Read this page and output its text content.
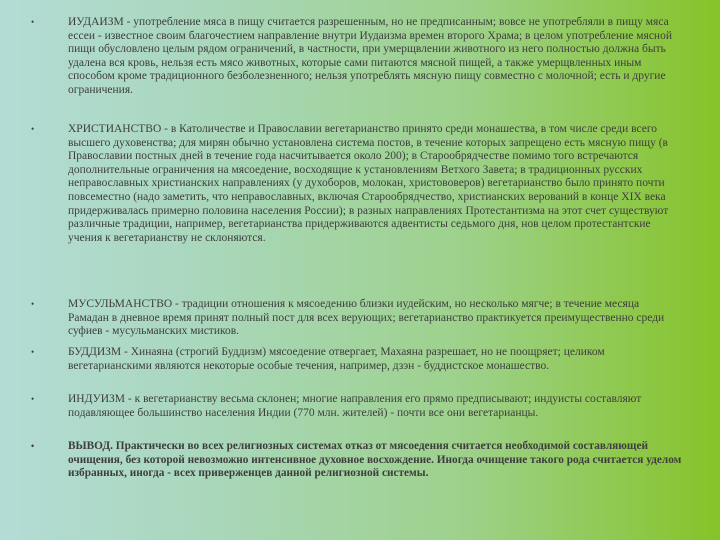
•	ИУДАИЗМ - употребление мяса в пищу считается разрешенным, но не предписанным; вовсе не употребляли в пищу мяса ессеи - известное своим благочестием направление внутри Иудаизма времен второго Храма; в целом употребление мясной пищи обусловлено целым рядом ограничений, в частности, при умерщвлении животного из него полностью должна быть удалена вся кровь, нельзя есть мясо животных, которые сами питаются мясной пищей, а также умерщвленных иным способом кроме традиционного безболезненного; нельзя употреблять мясную пищу совместно с молочной; есть и другие ограничения.
•	ХРИСТИАНСТВО - в Католичестве и Православии вегетарианство принято среди монашества, в том числе среди всего высшего духовенства; для мирян обычно установлена система постов, в течение которых запрещено есть мясную пищу (в Православии постных дней в течение года насчитывается около 200); в Старообрядчестве помимо того встречаются дополнительные ограничения на мясоедение, восходящие к установлениям Ветхого Завета; в традиционных русских неправославных христианских направлениях (у духоборов, молокан, христововеров) вегетарианство было принято почти повсеместно (надо заметить, что неправославных, включая Старообрядчество, христианских верований в конце XIX века придерживалась примерно половина населения России); в разных направлениях Протестантизма на этот счет существуют различные традиции, например, вегетарианства придерживаются адвентисты седьмого дня, нов целом протестантские учения к вегетарианству не склоняются.
•	МУСУЛЬМАНСТВО - традиции отношения к мясоедению близки иудейским, но несколько мягче; в течение месяца Рамадан в дневное время принят полный пост для всех верующих; вегетарианство практикуется преимущественно среди суфиев - мусульманских мистиков.
•	БУДДИЗМ - Хинаяна (строгий Буддизм) мясоедение отвергает, Махаяна разрешает, но не поощряет; целиком вегетарианскими являются некоторые особые течения, например, дзэн - буддистское монашество.
•	ИНДУИЗМ - к вегетарианству весьма склонен; многие направления его прямо предписывают; индуисты составляют подавляющее большинство населения Индии (770 млн. жителей) - почти все они вегетарианцы.
•	ВЫВОД. Практически во всех религиозных системах отказ от мясоедения считается необходимой составляющей очищения, без которой невозможно интенсивное духовное восхождение. Иногда очищение такого рода считается уделом избранных, иногда - всех приверженцев данной религиозной системы.
